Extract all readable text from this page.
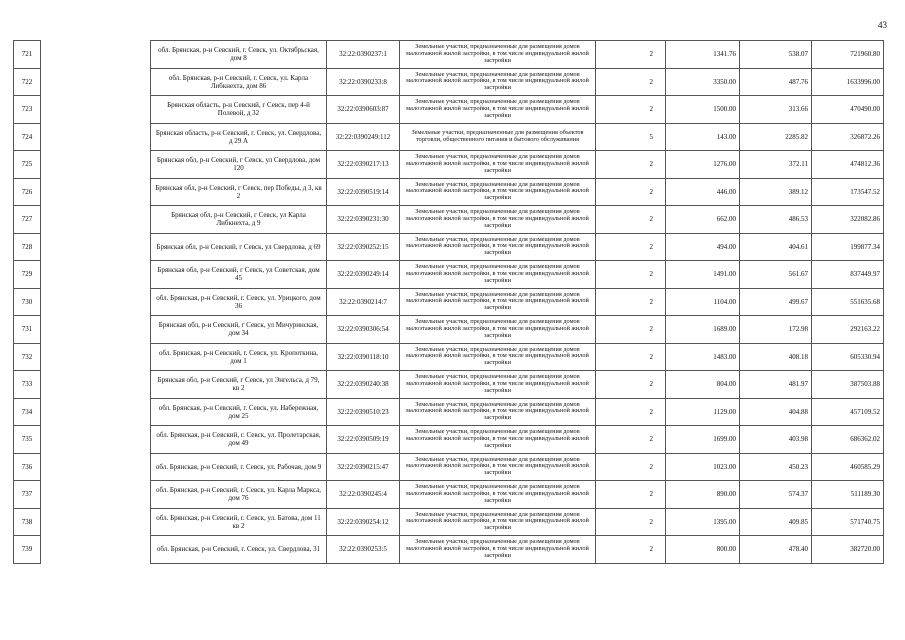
43
721		обл. Брянская, р-н Севский, г. Севск, ул. Октябрьская, дом 8	32:22:0390237:1	Земельные участки, предназначенные для размещения домов малоэтажной жилой застройки, в том числе индивидуальной жилой застройки	2	1341.76	538.07	721960.80
722		обл. Брянская, р-н Севский, г. Севск, ул. Карла Либкнехта, дом 86	32:22:0390233:8	Земельные участки, предназначенные для размещения домов малоэтажной жилой застройки, в том числе индивидуальной жилой застройки	2	3350.00	487.76	1633996.00
723		Брянская область, р-н Севский, г Севск, пер 4-й Полевой, д 32	32:22:0390603:87	Земельные участки, предназначенные для размещения домов малоэтажной жилой застройки, в том числе индивидуальной жилой застройки	2	1500.00	313.66	470490.00
724		Брянская область, р-н Севский, г. Севск, ул. Свердлова, д 29 А	32:22:0390249:112	Земельные участки, предназначенные для размещения объектов торговли, общественного питания и бытового обслуживания	5	143.00	2285.82	326872.26
725		Брянская обл, р-н Севский, г Севск, ул Свердлова, дом 120	32:22:0390217:13	Земельные участки, предназначенные для размещения домов малоэтажной жилой застройки, в том числе индивидуальной жилой застройки	2	1276.00	372.11	474812.36
726		Брянская обл, р-н Севский, г Севск, пер Победы, д 3, кв 2	32:22:0390519:14	Земельные участки, предназначенные для размещения домов малоэтажной жилой застройки, в том числе индивидуальной жилой застройки	2	446.00	389.12	173547.52
727		Брянская обл, р-н Севский, г Севск, ул Карла Либкнехта, д 9	32:22:0390231:30	Земельные участки, предназначенные для размещения домов малоэтажной жилой застройки, в том числе индивидуальной жилой застройки	2	662.00	486.53	322082.86
728		Брянская обл, р-н Севский, г Севск, ул Свердлова, д 69	32:22:0390252:15	Земельные участки, предназначенные для размещения домов малоэтажной жилой застройки, в том числе индивидуальной жилой застройки	2	494.00	404.61	199877.34
729		Брянская обл, р-н Севский, г Севск, ул Советская, дом 45	32:22:0390249:14	Земельные участки, предназначенные для размещения домов малоэтажной жилой застройки, в том числе индивидуальной жилой застройки	2	1491.00	561.67	837449.97
730		обл. Брянская, р-н Севский, г. Севск, ул. Урицкого, дом 36	32:22:0390214:7	Земельные участки, предназначенные для размещения домов малоэтажной жилой застройки, в том числе индивидуальной жилой застройки	2	1104.00	499.67	551635.68
731		Брянская обл, р-н Севский, г Севск, ул Мичуринская, дом 34	32:22:0390306:54	Земельные участки, предназначенные для размещения домов малоэтажной жилой застройки, в том числе индивидуальной жилой застройки	2	1689.00	172.98	292163.22
732		обл. Брянская, р-н Севский, г. Севск, ул. Кропоткина, дом 1	32:22:0390118:10	Земельные участки, предназначенные для размещения домов малоэтажной жилой застройки, в том числе индивидуальной жилой застройки	2	1483.00	408.18	605330.94
733		Брянская обл, р-н Севский, г Севск, ул Энгельса, д 79, кв 2	32:22:0390240:38	Земельные участки, предназначенные для размещения домов малоэтажной жилой застройки, в том числе индивидуальной жилой застройки	2	804.00	481.97	387503.88
734		обл. Брянская, р-н Севский, г. Севск, ул. Набережная, дом 25	32:22:0390510:23	Земельные участки, предназначенные для размещения домов малоэтажной жилой застройки, в том числе индивидуальной жилой застройки	2	1129.00	404.88	457109.52
735		обл. Брянская, р-н Севский, г. Севск, ул. Пролетарская, дом 49	32:22:0390509:19	Земельные участки, предназначенные для размещения домов малоэтажной жилой застройки, в том числе индивидуальной жилой застройки	2	1699.00	403.98	686362.02
736		обл. Брянская, р-н Севский, г. Севск, ул. Рабочая, дом 9	32:22:0390215:47	Земельные участки, предназначенные для размещения домов малоэтажной жилой застройки, в том числе индивидуальной жилой застройки	2	1023.00	450.23	460585.29
737		обл. Брянская, р-н Севский, г. Севск, ул. Карла Маркса, дом 76	32:22:0390245:4	Земельные участки, предназначенные для размещения домов малоэтажной жилой застройки, в том числе индивидуальной жилой застройки	2	890.00	574.37	511189.30
738		обл. Брянская, р-н Севский, г. Севск, ул. Батова, дом 11 кв 2	32:22:0390254:12	Земельные участки, предназначенные для размещения домов малоэтажной жилой застройки, в том числе индивидуальной жилой застройки	2	1395.00	409.85	571740.75
739		обл. Брянская, р-н Севский, г. Севск, ул. Свердлова, 31	32:22:0390253:5	Земельные участки, предназначенные для размещения домов малоэтажной жилой застройки, в том числе индивидуальной жилой застройки	2	800.00	478.40	382720.00
